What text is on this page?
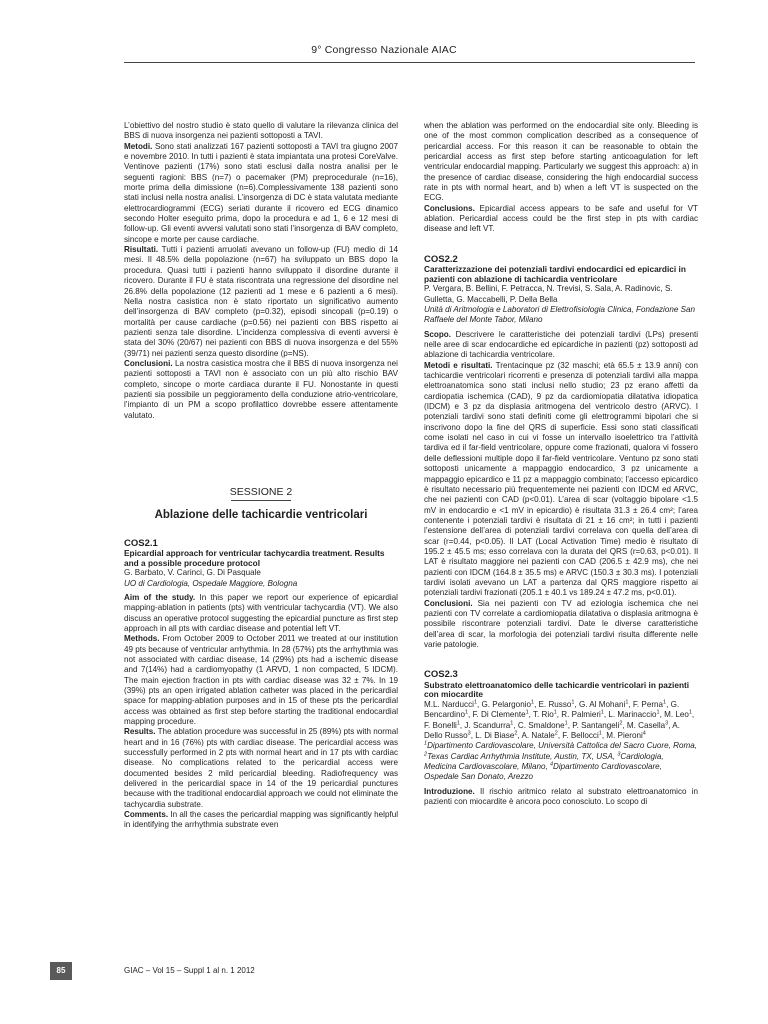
9° Congresso Nazionale AIAC

L’obiettivo del nostro studio è stato quello di valutare la rilevanza clinica del BBS di nuova insorgenza nei pazienti sottoposti a TAVI.

Metodi. Sono stati analizzati 167 pazienti sottoposti a TAVI tra giugno 2007 e novembre 2010. In tutti i pazienti è stata impiantata una protesi CoreValve. Ventinove pazienti (17%) sono stati esclusi dalla nostra analisi per le seguenti ragioni: BBS (n=7) o pacemaker (PM) preprocedurale (n=16), morte prima della dimissione (n=6).Complessivamente 138 pazienti sono stati inclusi nella nostra analisi. L’insorgenza di DC è stata valutata mediante elettrocardiogrammi (ECG) seriati durante il ricovero ed ECG dinamico secondo Holter eseguito prima, dopo la procedura e ad 1, 6 e 12 mesi di follow-up. Gli eventi avversi valutati sono stati l’insorgenza di BAV completo, sincope e morte per cause cardiache.

Risultati. Tutti i pazienti arruolati avevano un follow-up (FU) medio di 14 mesi. Il 48.5% della popolazione (n=67) ha sviluppato un BBS dopo la procedura. Quasi tutti i pazienti hanno sviluppato il disordine durante il ricovero. Durante il FU è stata riscontrata una regressione del disordine nel 26.8% della popolazione (12 pazienti ad 1 mese e 6 pazienti a 6 mesi). Nella nostra casistica non è stato riportato un significativo aumento dell’insorgenza di BAV completo (p=0.32), episodi sincopali (p=0.19) o mortalità per cause cardiache (p=0.56) nei pazienti con BBS rispetto ai pazienti senza tale disordine. L’incidenza complessiva di eventi avversi è stata del 30% (20/67) nei pazienti con BBS di nuova insorgenza e del 55% (39/71) nei pazienti senza questo disordine (p=NS).

Conclusioni. La nostra casistica mostra che il BBS di nuova insorgenza nei pazienti sottoposti a TAVI non è associato con un più alto rischio BAV completo, sincope o morte cardiaca durante il FU. Nonostante in questi pazienti sia possibile un peggioramento della conduzione atrio-ventricolare, l’impianto di un PM a scopo profilattico dovrebbe essere attentamente valutato.

SESSIONE 2
Ablazione delle tachicardie ventricolari
COS2.1
Epicardial approach for ventricular tachycardia treatment. Results and a possible procedure protocol
G. Barbato, V. Carinci, G. Di Pasquale
UO di Cardiologia, Ospedale Maggiore, Bologna

Aim of the study. In this paper we report our experience of epicardial mapping-ablation in patients (pts) with ventricular tachycardia (VT). We also discuss an operative protocol suggesting the epicardial puncture as first step approach in all pts with cardiac disease and potential left VT.

Methods. From October 2009 to October 2011 we treated at our institution 49 pts because of ventricular arrhythmia. In 28 (57%) pts the arrhythmia was not associated with cardiac disease, 14 (29%) pts had a ischemic disease and 7(14%) had a cardiomyopathy (1 ARVD, 1 non compacted, 5 IDCM). The main ejection fraction in pts with cardiac disease was 32 ± 7%. In 19 (39%) pts an open irrigated ablation catheter was placed in the pericardial space for mapping-ablation purposes and in 15 of these pts the pericardial access was obtained as first step before starting the traditional endocardial mapping procedure.

Results. The ablation procedure was successful in 25 (89%) pts with normal heart and in 16 (76%) pts with cardiac disease. The pericardial access was successfully performed in 2 pts with normal heart and in 17 pts with cardiac disease. No complications related to the pericardial access were documented besides 2 mild pericardial bleeding. Radiofrequency was delivered in the pericardial space in 14 of the 19 pericardial punctures because with the traditional endocardial approach we could not eliminate the tachycardia substrate.

Comments. In all the cases the pericardial mapping was significantly helpful in identifying the arrhythmia substrate even

when the ablation was performed on the endocardial site only. Bleeding is one of the most common complication described as a consequence of pericardial access. For this reason it can be reasonable to obtain the pericardial access as first step before starting anticoagulation for left ventricular endocardial mapping. Particularly we suggest this approach: a) in the presence of cardiac disease, considering the high endocardial success rate in pts with normal heart, and b) when a left VT is suspected on the ECG.

Conclusions. Epicardial access appears to be safe and useful for VT ablation. Pericardial access could be the first step in pts with cardiac disease and left VT.

COS2.2
Caratterizzazione dei potenziali tardivi endocardici ed epicardici in pazienti con ablazione di tachicardia ventricolare
P. Vergara, B. Bellini, F. Petracca, N. Trevisi, S. Sala, A. Radinovic, S. Gulletta, G. Maccabelli, P. Della Bella
Unità di Aritmologia e Laboratori di Elettrofisiologia Clinica, Fondazione San Raffaele del Monte Tabor, Milano

Scopo. Descrivere le caratteristiche dei potenziali tardivi (LPs) presenti nelle aree di scar endocardiche ed epicardiche in pazienti (pz) sottoposti ad ablazione di tachicardia ventricolare.

Metodi e risultati. Trentacinque pz (32 maschi; età 65.5 ± 13.9 anni) con tachicardie ventricolari ricorrenti e presenza di potenziali tardivi alla mappa elettroanatomica sono stati inclusi nello studio; 23 pz erano affetti da cardiopatia ischemica (CAD), 9 pz da cardiomiopatia dilatativa idiopatica (IDCM) e 3 pz da displasia aritmogena del ventricolo destro (ARVC). I potenziali tardivi sono stati definiti come gli elettrogrammi bipolari che si inscrivono dopo la fine del QRS di superficie. Essi sono stati classificati come isolati nel caso in cui vi fosse un intervallo isoelettrico tra l’attività tardiva ed il far-field ventricolare, oppure come frazionati, qualora vi fossero delle deflessioni multiple dopo il far-field ventricolare. Ventuno pz sono stati sottoposti unicamente a mappaggio endocardico, 3 pz unicamente a mappaggio epicardico e 11 pz a mappaggio combinato; l’accesso epicardico è risultato necessario più frequentemente nei pazienti con IDCM ed ARVC, che nei pazienti con CAD (p<0.01). L’area di scar (voltaggio bipolare <1.5 mV in endocardio e <1 mV in epicardio) è risultata 31.3 ± 26.4 cm²; l’area contenente i potenziali tardivi è risultata di 21 ± 16 cm²; in tutti i pazienti l’estensione dell’area di potenziali tardivi correlava con quella dell’area di scar (r=0.44, p<0.05). Il LAT (Local Activation Time) medio è risultato di 195.2 ± 45.5 ms; esso correlava con la durata del QRS (r=0.63, p<0.01). Il LAT è risultato maggiore nei pazienti con CAD (206.5 ± 42.9 ms), che nei pazienti con IDCM (164.8 ± 35.5 ms) e ARVC (150.3 ± 30.3 ms). I potenziali tardivi isolati avevano un LAT a partenza dal QRS maggiore rispetto ai potenziali tardivi frazionati (205.1 ± 40.1 vs 189.24 ± 47.2 ms, p<0.01).

Conclusioni. Sia nei pazienti con TV ad eziologia ischemica che nei pazienti con TV correlate a cardiomiopatia dilatativa o displasia aritmogna è possibile riscontrare potenziali tardivi. Date le diverse caratteristiche dell’area di scar, la morfologia dei potenziali tardivi risulta differente nelle varie patologie.

COS2.3
Substrato elettroanatomico delle tachicardie ventricolari in pazienti con miocardite
M.L. Narducci$^1$, G. Pelargonio$^1$, E. Russo$^1$, G. Al Mohani$^1$, F. Perna$^1$, G. Bencardino$^1$, F. Di Clemente$^1$, T. Rio$^1$, R. Palmieri$^1$, L. Marinaccio$^1$, M. Leo$^1$, F. Bonelli$^1$, J. Scandurra$^1$, C. Smaldone$^1$, P. Santangeli$^2$, M. Casella$^3$, A. Dello Russo$^3$, L. Di Biase$^2$, A. Natale$^2$, F. Bellocci$^1$, M. Pieroni$^4$
$^1$Dipartimento Cardiovascolare, Università Cattolica del Sacro Cuore, Roma, $^2$Texas Cardiac Arrhythmia Institute, Austin, TX, USA, $^3$Cardiologia, Medicina Cardiovascolare, Milano, $^4$Dipartimento Cardiovascolare, Ospedale San Donato, Arezzo

Introduzione. Il rischio aritmico relato al substrato elettroanatomico in pazienti con miocardite è ancora poco conosciuto. Lo scopo di

85	GIAC – Vol 15 – Suppl 1 al n. 1 2012
